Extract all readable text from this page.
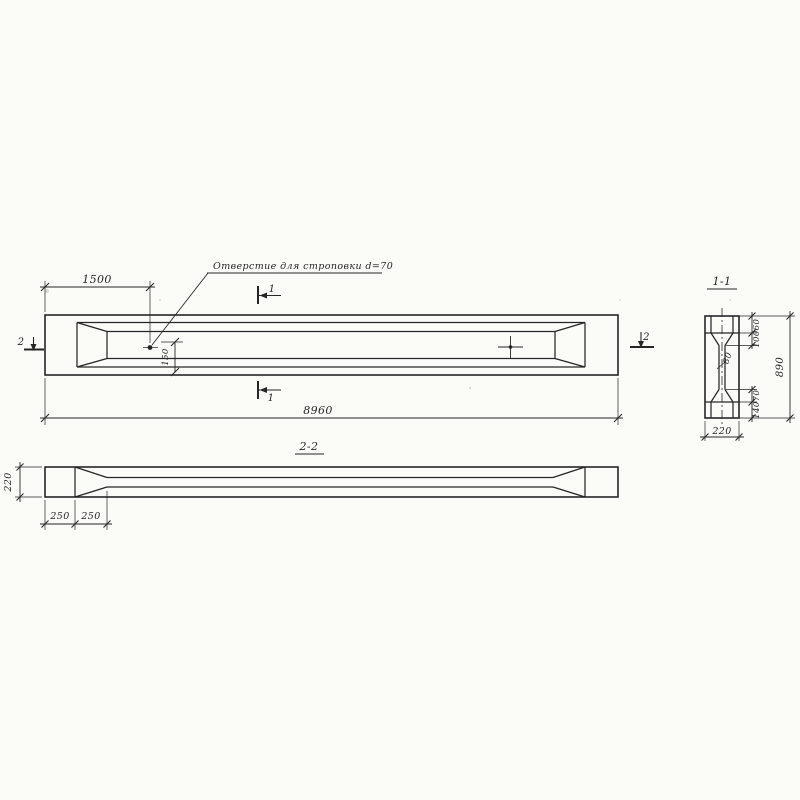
1500
Отверстие для строповки d=70
150
8960
1
1
2	2
1-1
80
60
100
70
140
890
220
2-2
220
250 250
